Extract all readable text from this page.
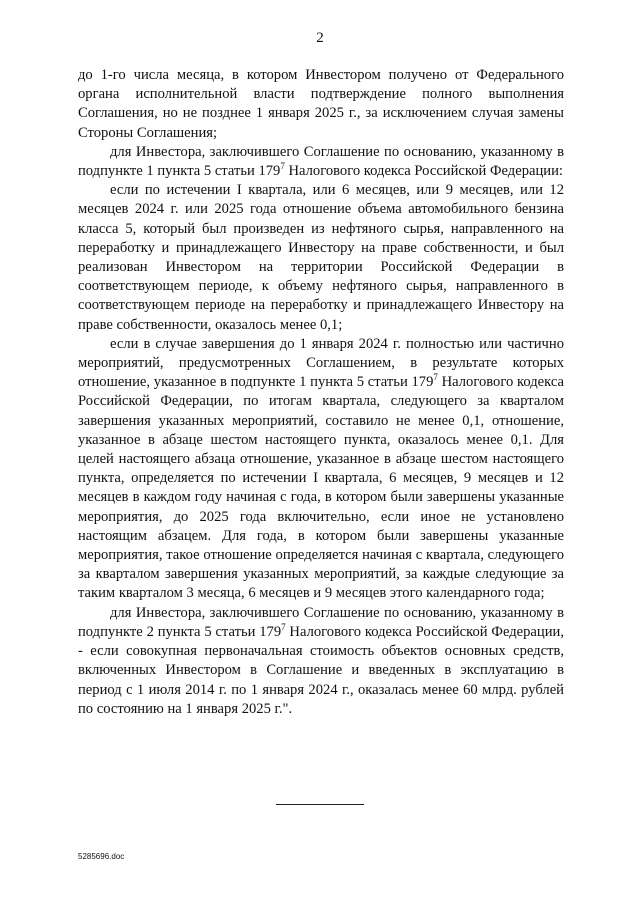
2

до 1-го числа месяца, в котором Инвестором получено от Федерального органа исполнительной власти подтверждение полного выполнения Соглашения, но не позднее 1 января 2025 г., за исключением случая замены Стороны Соглашения;

для Инвестора, заключившего Соглашение по основанию, указанному в подпункте 1 пункта 5 статьи $179^7$ Налогового кодекса Российской Федерации:

если по истечении I квартала, или 6 месяцев, или 9 месяцев, или 12 месяцев 2024 г. или 2025 года отношение объема автомобильного бензина класса 5, который был произведен из нефтяного сырья, направленного на переработку и принадлежащего Инвестору на праве собственности, и был реализован Инвестором на территории Российской Федерации в соответствующем периоде, к объему нефтяного сырья, направленного в соответствующем периоде на переработку и принадлежащего Инвестору на праве собственности, оказалось менее 0,1;

если в случае завершения до 1 января 2024 г. полностью или частично мероприятий, предусмотренных Соглашением, в результате которых отношение, указанное в подпункте 1 пункта 5 статьи $179^7$ Налогового кодекса Российской Федерации, по итогам квартала, следующего за кварталом завершения указанных мероприятий, составило не менее 0,1, отношение, указанное в абзаце шестом настоящего пункта, оказалось менее 0,1. Для целей настоящего абзаца отношение, указанное в абзаце шестом настоящего пункта, определяется по истечении I квартала, 6 месяцев, 9 месяцев и 12 месяцев в каждом году начиная с года, в котором были завершены указанные мероприятия, до 2025 года включительно, если иное не установлено настоящим абзацем. Для года, в котором были завершены указанные мероприятия, такое отношение определяется начиная с квартала, следующего за кварталом завершения указанных мероприятий, за каждые следующие за таким кварталом 3 месяца, 6 месяцев и 9 месяцев этого календарного года;

для Инвестора, заключившего Соглашение по основанию, указанному в подпункте 2 пункта 5 статьи $179^7$ Налогового кодекса Российской Федерации, - если совокупная первоначальная стоимость объектов основных средств, включенных Инвестором в Соглашение и введенных в эксплуатацию в период с 1 июля 2014 г. по 1 января 2024 г., оказалась менее 60 млрд. рублей по состоянию на 1 января 2025 г.".

5285696.doc
